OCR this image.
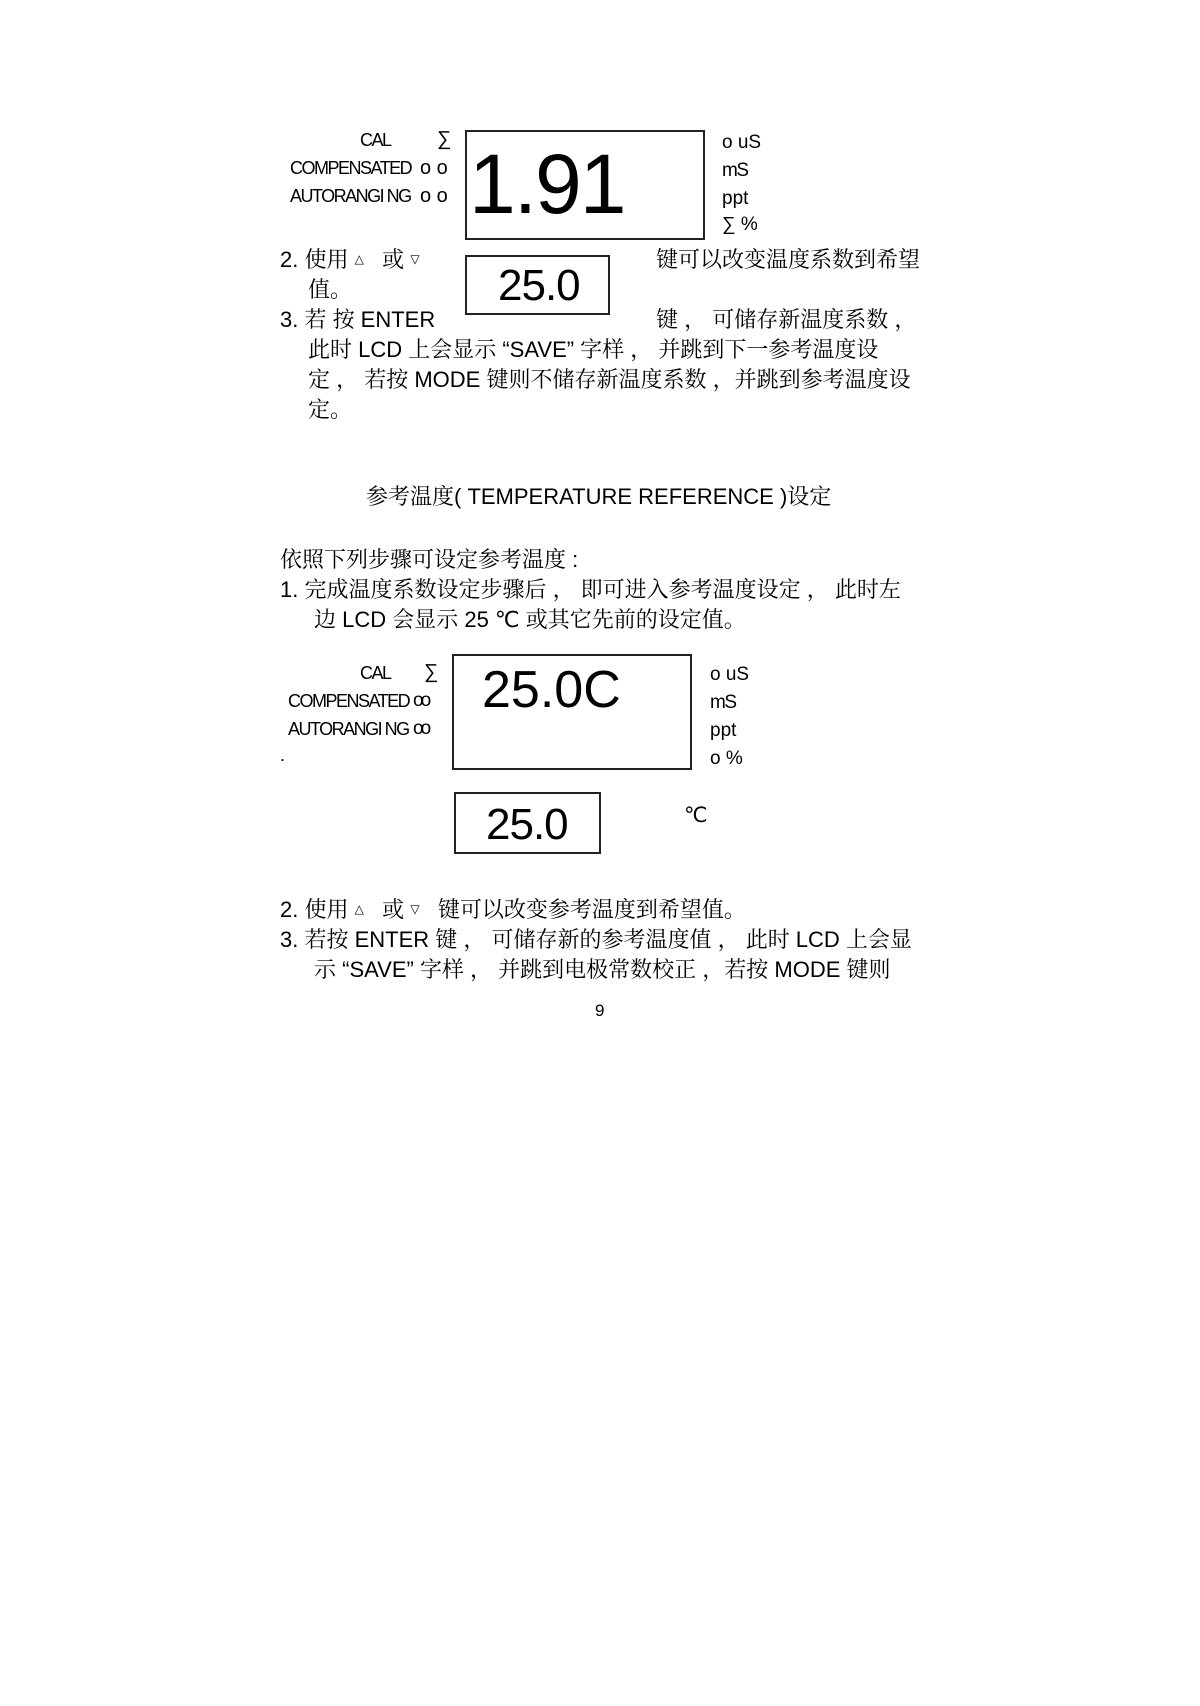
CAL ∑
COMPENSATED o o
AUTORANGI NG o o 1.91	o uS
mS
ppt
∑ %
25.0
2. 使用 △ 或 ▽	键可以改变温度系数到希望
值。
3. 若 按 ENTER	键 ， 可储存新温度系数 ，
此时 LCD 上会显示 “SAVE” 字样 ， 并跳到下一参考温度设
定 ， 若按 MODE 键则不储存新温度系数 ，并跳到参考温度设
定。
参考温度( TEMPERATURE REFERENCE )设定
依照下列步骤可设定参考温度 :
1. 完成温度系数设定步骤后 ， 即可进入参考温度设定 ， 此时左
边 LCD 会显示 25 ℃ 或其它先前的设定值。
CAL ∑
COMPENSATED oo
AUTORANGI NG oo
.
25.0C	o uS
mS
ppt
o %
25.0	℃
2. 使用 △ 或 ▽ 键可以改变参考温度到希望值。
3. 若按 ENTER 键 ， 可储存新的参考温度值 ， 此时 LCD 上会显
示 “SAVE” 字样 ， 并跳到电极常数校正 ，若按 MODE 键则
9
